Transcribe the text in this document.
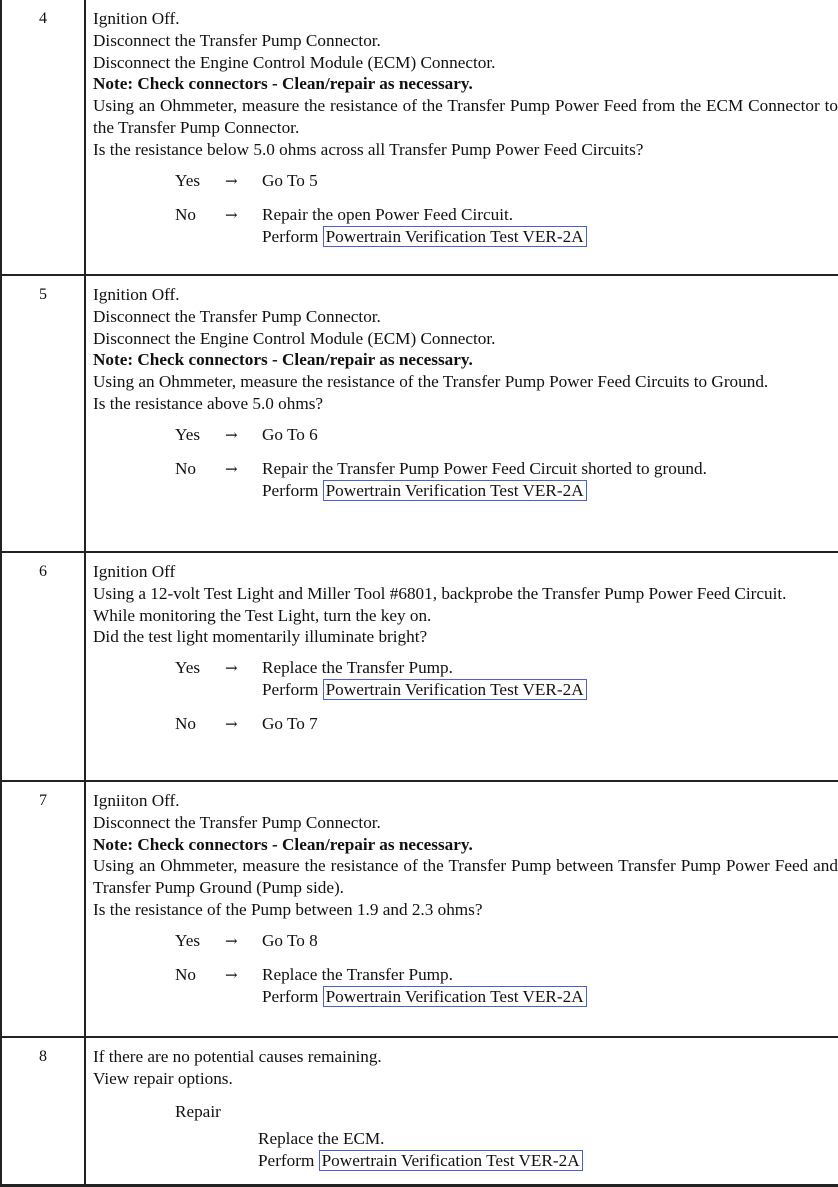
4	Ignition Off.
Disconnect the Transfer Pump Connector.
Disconnect the Engine Control Module (ECM) Connector.
Note: Check connectors - Clean/repair as necessary.
Using an Ohmmeter, measure the resistance of the Transfer Pump Power Feed from the ECM Connector to the Transfer Pump Connector.
Is the resistance below 5.0 ohms across all Transfer Pump Power Feed Circuits?
Yes → Go To 5
No → Repair the open Power Feed Circuit.
Perform Powertrain Verification Test VER-2A
5	Ignition Off.
Disconnect the Transfer Pump Connector.
Disconnect the Engine Control Module (ECM) Connector.
Note: Check connectors - Clean/repair as necessary.
Using an Ohmmeter, measure the resistance of the Transfer Pump Power Feed Circuits to Ground.
Is the resistance above 5.0 ohms?
Yes → Go To 6
No → Repair the Transfer Pump Power Feed Circuit shorted to ground.
Perform Powertrain Verification Test VER-2A
6	Ignition Off
Using a 12-volt Test Light and Miller Tool #6801, backprobe the Transfer Pump Power Feed Circuit.
While monitoring the Test Light, turn the key on.
Did the test light momentarily illuminate bright?
Yes → Replace the Transfer Pump.
Perform Powertrain Verification Test VER-2A
No → Go To 7
7	Igniiton Off.
Disconnect the Transfer Pump Connector.
Note: Check connectors - Clean/repair as necessary.
Using an Ohmmeter, measure the resistance of the Transfer Pump between Transfer Pump Power Feed and Transfer Pump Ground (Pump side).
Is the resistance of the Pump between 1.9 and 2.3 ohms?
Yes → Go To 8
No → Replace the Transfer Pump.
Perform Powertrain Verification Test VER-2A
8	If there are no potential causes remaining.
View repair options.
Repair
Replace the ECM.
Perform Powertrain Verification Test VER-2A
